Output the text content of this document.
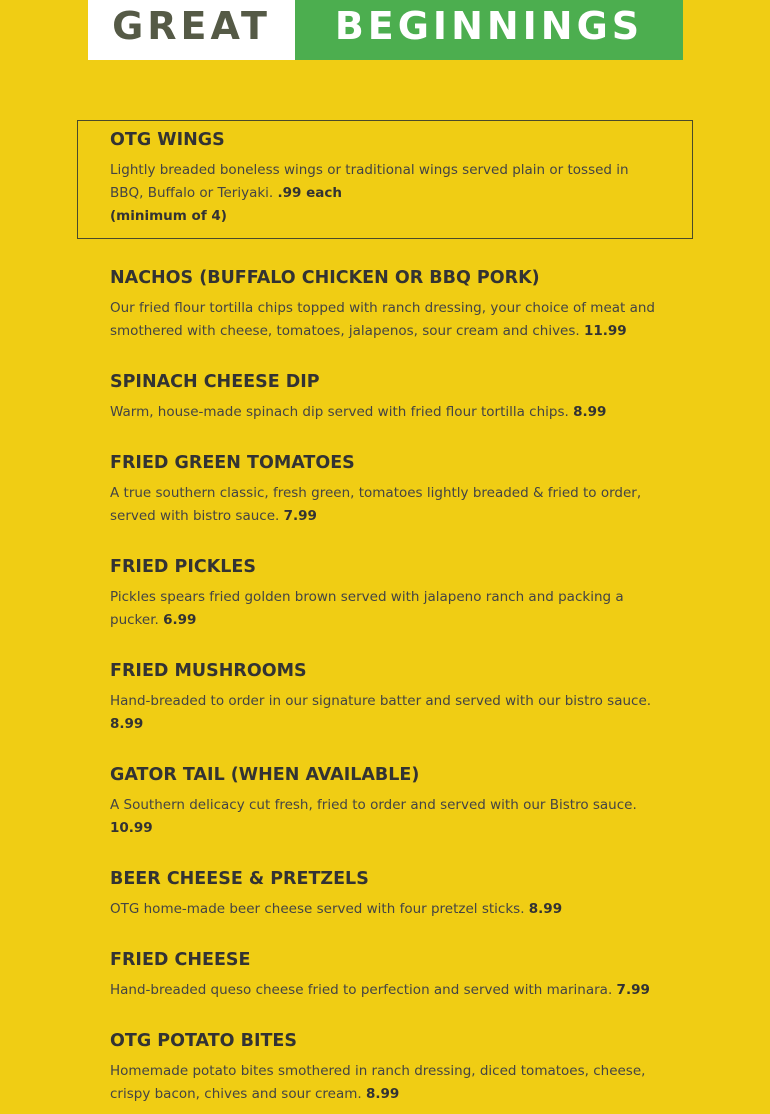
GREAT BEGINNINGS
OTG WINGS

Lightly breaded boneless wings or traditional wings served plain or tossed in BBQ, Buffalo or Teriyaki. .99 each

(minimum of 4)

NACHOS (BUFFALO CHICKEN OR BBQ PORK)

Our fried flour tortilla chips topped with ranch dressing, your choice of meat and smothered with cheese, tomatoes, jalapenos, sour cream and chives. 11.99

SPINACH CHEESE DIP

Warm, house-made spinach dip served with fried flour tortilla chips. 8.99

FRIED GREEN TOMATOES

A true southern classic, fresh green, tomatoes lightly breaded & fried to order, served with bistro sauce. 7.99

FRIED PICKLES

Pickles spears fried golden brown served with jalapeno ranch and packing a pucker. 6.99

FRIED MUSHROOMS

Hand-breaded to order in our signature batter and served with our bistro sauce. 8.99

GATOR TAIL (WHEN AVAILABLE)

A Southern delicacy cut fresh, fried to order and served with our Bistro sauce. 10.99

BEER CHEESE & PRETZELS

OTG home-made beer cheese served with four pretzel sticks. 8.99

FRIED CHEESE

Hand-breaded queso cheese fried to perfection and served with marinara. 7.99

OTG POTATO BITES

Homemade potato bites smothered in ranch dressing, diced tomatoes, cheese, crispy bacon, chives and sour cream. 8.99
